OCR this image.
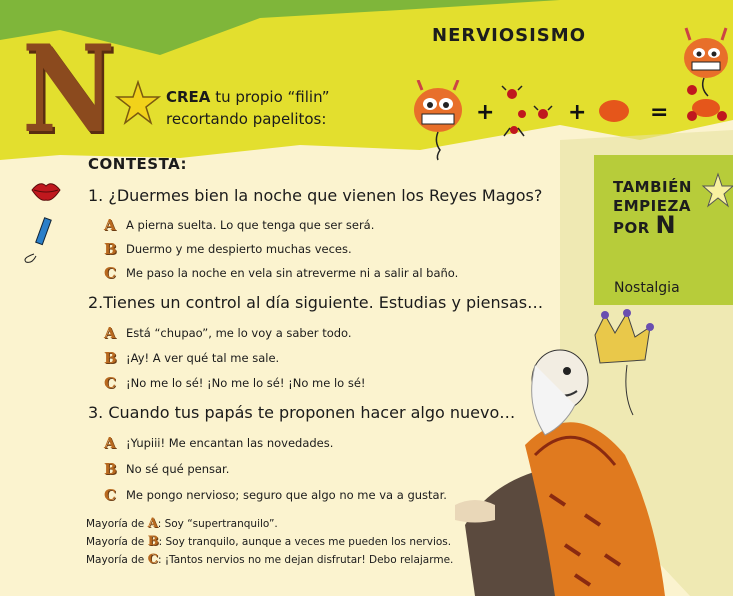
NERVIOSISMO
N	CREA tu propio “filin”
recortando papelitos:	+	+	=
CONTESTA:
1. ¿Duermes bien la noche que vienen los Reyes Magos?
A A pierna suelta. Lo que tenga que ser será.
B Duermo y me despierto muchas veces.
C Me paso la noche en vela sin atreverme ni a salir al baño.
2.Tienes un control al día siguiente. Estudias y piensas…
A Está “chupao”, me lo voy a saber todo.
B ¡Ay! A ver qué tal me sale.
C ¡No me lo sé! ¡No me lo sé! ¡No me lo sé!
3. Cuando tus papás te proponen hacer algo nuevo…
A ¡Yupiii! Me encantan las novedades.
B No sé qué pensar.
C Me pongo nervioso; seguro que algo no me va a gustar.
Mayoría de A: Soy “supertranquilo”.
Mayoría de B: Soy tranquilo, aunque a veces me pueden los nervios.
Mayoría de C: ¡Tantos nervios no me dejan disfrutar! Debo relajarme.
TAMBIÉN
EMPIEZA
POR N
Nostalgia
